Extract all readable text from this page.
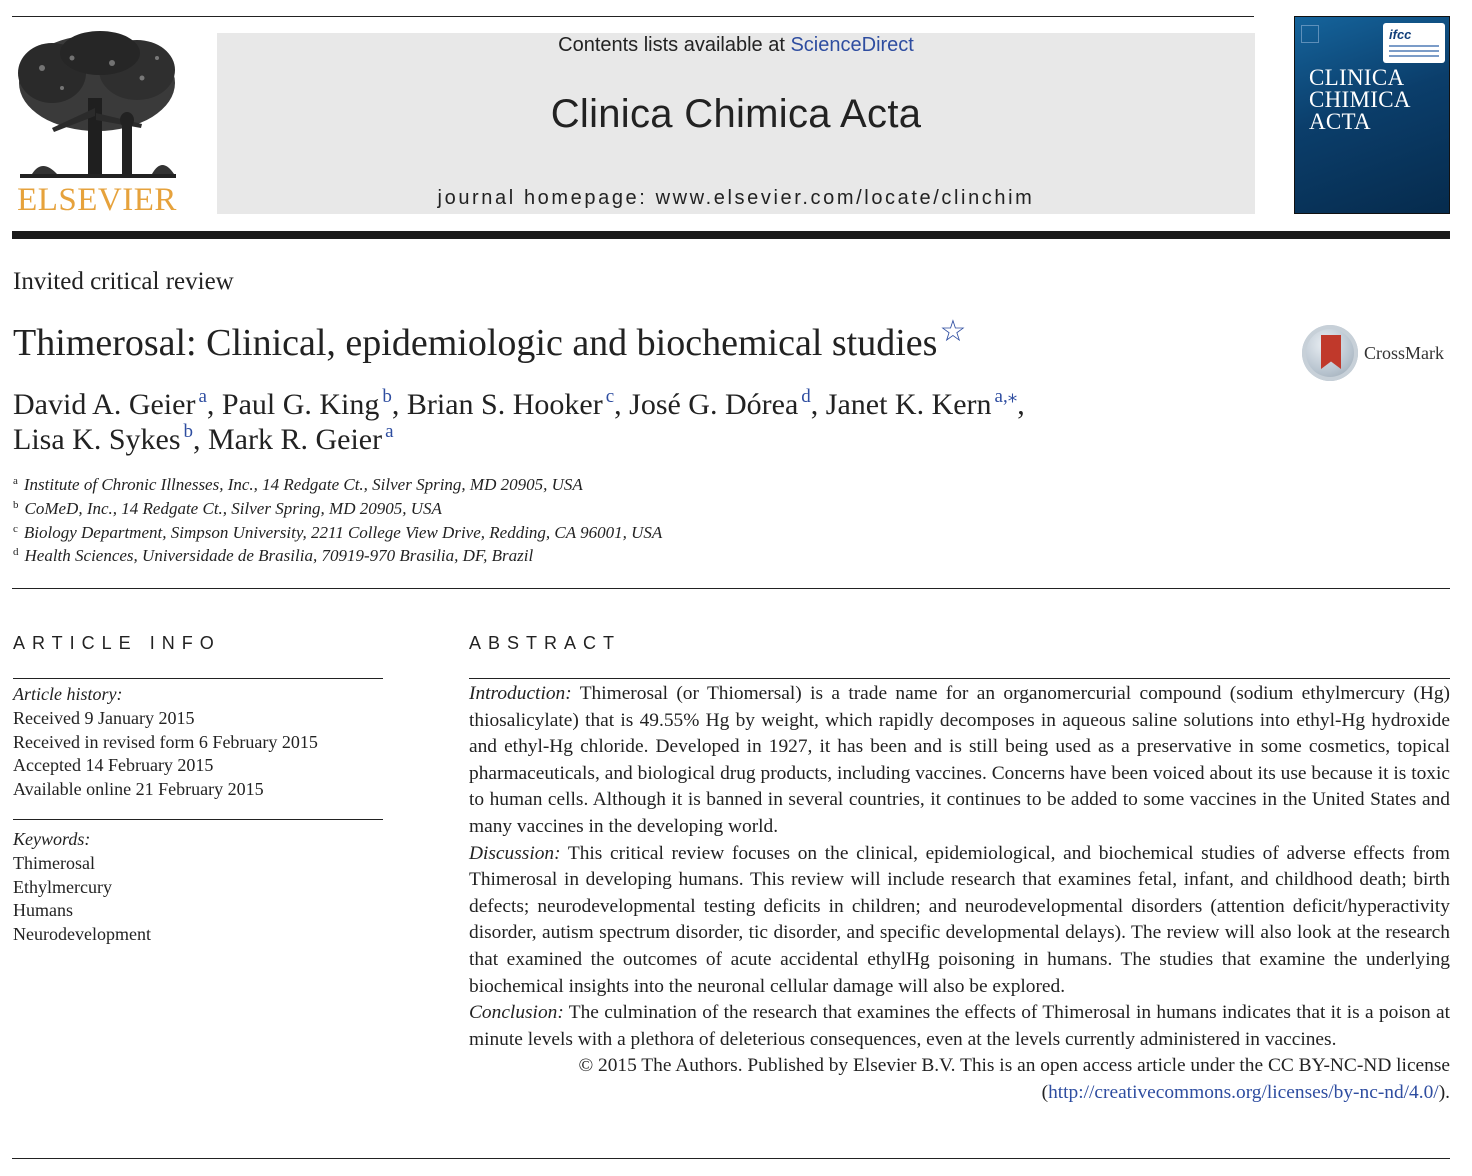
ELSEVIER
Contents lists available at ScienceDirect
Clinica Chimica Acta
journal homepage: www.elsevier.com/locate/clinchim
ifcc
CLINICA
CHIMICA
ACTA
Invited critical review
Thimerosal: Clinical, epidemiologic and biochemical studies☆
CrossMark
David A. Geier $^a$, Paul G. King $^b$, Brian S. Hooker $^c$, José G. Dórea $^d$, Janet K. Kern $^{a,⁎}$,
Lisa K. Sykes $^b$, Mark R. Geier $^a$
$^a$ Institute of Chronic Illnesses, Inc., 14 Redgate Ct., Silver Spring, MD 20905, USA
$^b$ CoMeD, Inc., 14 Redgate Ct., Silver Spring, MD 20905, USA
$^c$ Biology Department, Simpson University, 2211 College View Drive, Redding, CA 96001, USA
$^d$ Health Sciences, Universidade de Brasilia, 70919-970 Brasilia, DF, Brazil
ARTICLE INFO
Article history:
Received 9 January 2015
Received in revised form 6 February 2015
Accepted 14 February 2015
Available online 21 February 2015
Keywords:
Thimerosal
Ethylmercury
Humans
Neurodevelopment
ABSTRACT

Introduction: Thimerosal (or Thiomersal) is a trade name for an organomercurial compound (sodium ethylmercury (Hg) thiosalicylate) that is 49.55% Hg by weight, which rapidly decomposes in aqueous saline solutions into ethyl-Hg hydroxide and ethyl-Hg chloride. Developed in 1927, it has been and is still being used as a preservative in some cosmetics, topical pharmaceuticals, and biological drug products, including vaccines. Concerns have been voiced about its use because it is toxic to human cells. Although it is banned in several countries, it continues to be added to some vaccines in the United States and many vaccines in the developing world.

Discussion: This critical review focuses on the clinical, epidemiological, and biochemical studies of adverse effects from Thimerosal in developing humans. This review will include research that examines fetal, infant, and childhood death; birth defects; neurodevelopmental testing deficits in children; and neurodevelopmental disorders (attention deficit/hyperactivity disorder, autism spectrum disorder, tic disorder, and specific developmental delays). The review will also look at the research that examined the outcomes of acute accidental ethylHg poisoning in humans. The studies that examine the underlying biochemical insights into the neuronal cellular damage will also be explored.

Conclusion: The culmination of the research that examines the effects of Thimerosal in humans indicates that it is a poison at minute levels with a plethora of deleterious consequences, even at the levels currently administered in vaccines.

© 2015 The Authors. Published by Elsevier B.V. This is an open access article under the CC BY-NC-ND license
(http://creativecommons.org/licenses/by-nc-nd/4.0/).
